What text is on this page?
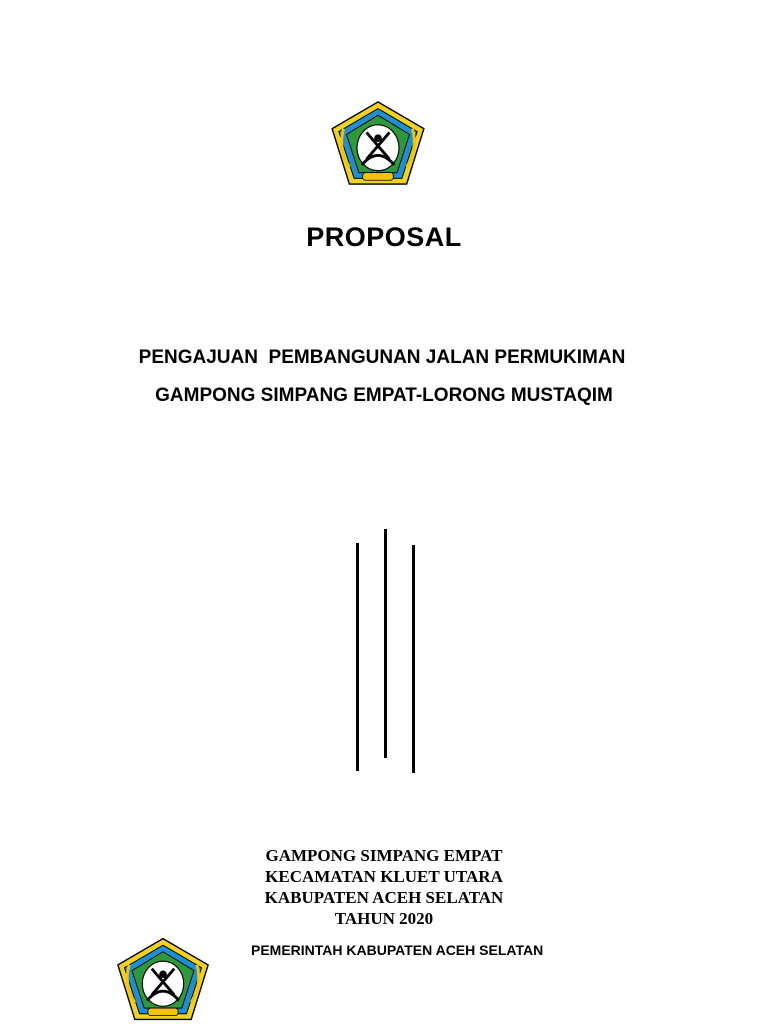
PROPOSAL
PENGAJUAN  PEMBANGUNAN JALAN PERMUKIMAN
GAMPONG SIMPANG EMPAT-LORONG MUSTAQIM
GAMPONG SIMPANG EMPAT
KECAMATAN KLUET UTARA
KABUPATEN ACEH SELATAN
TAHUN 2020
PEMERINTAH KABUPATEN ACEH SELATAN
